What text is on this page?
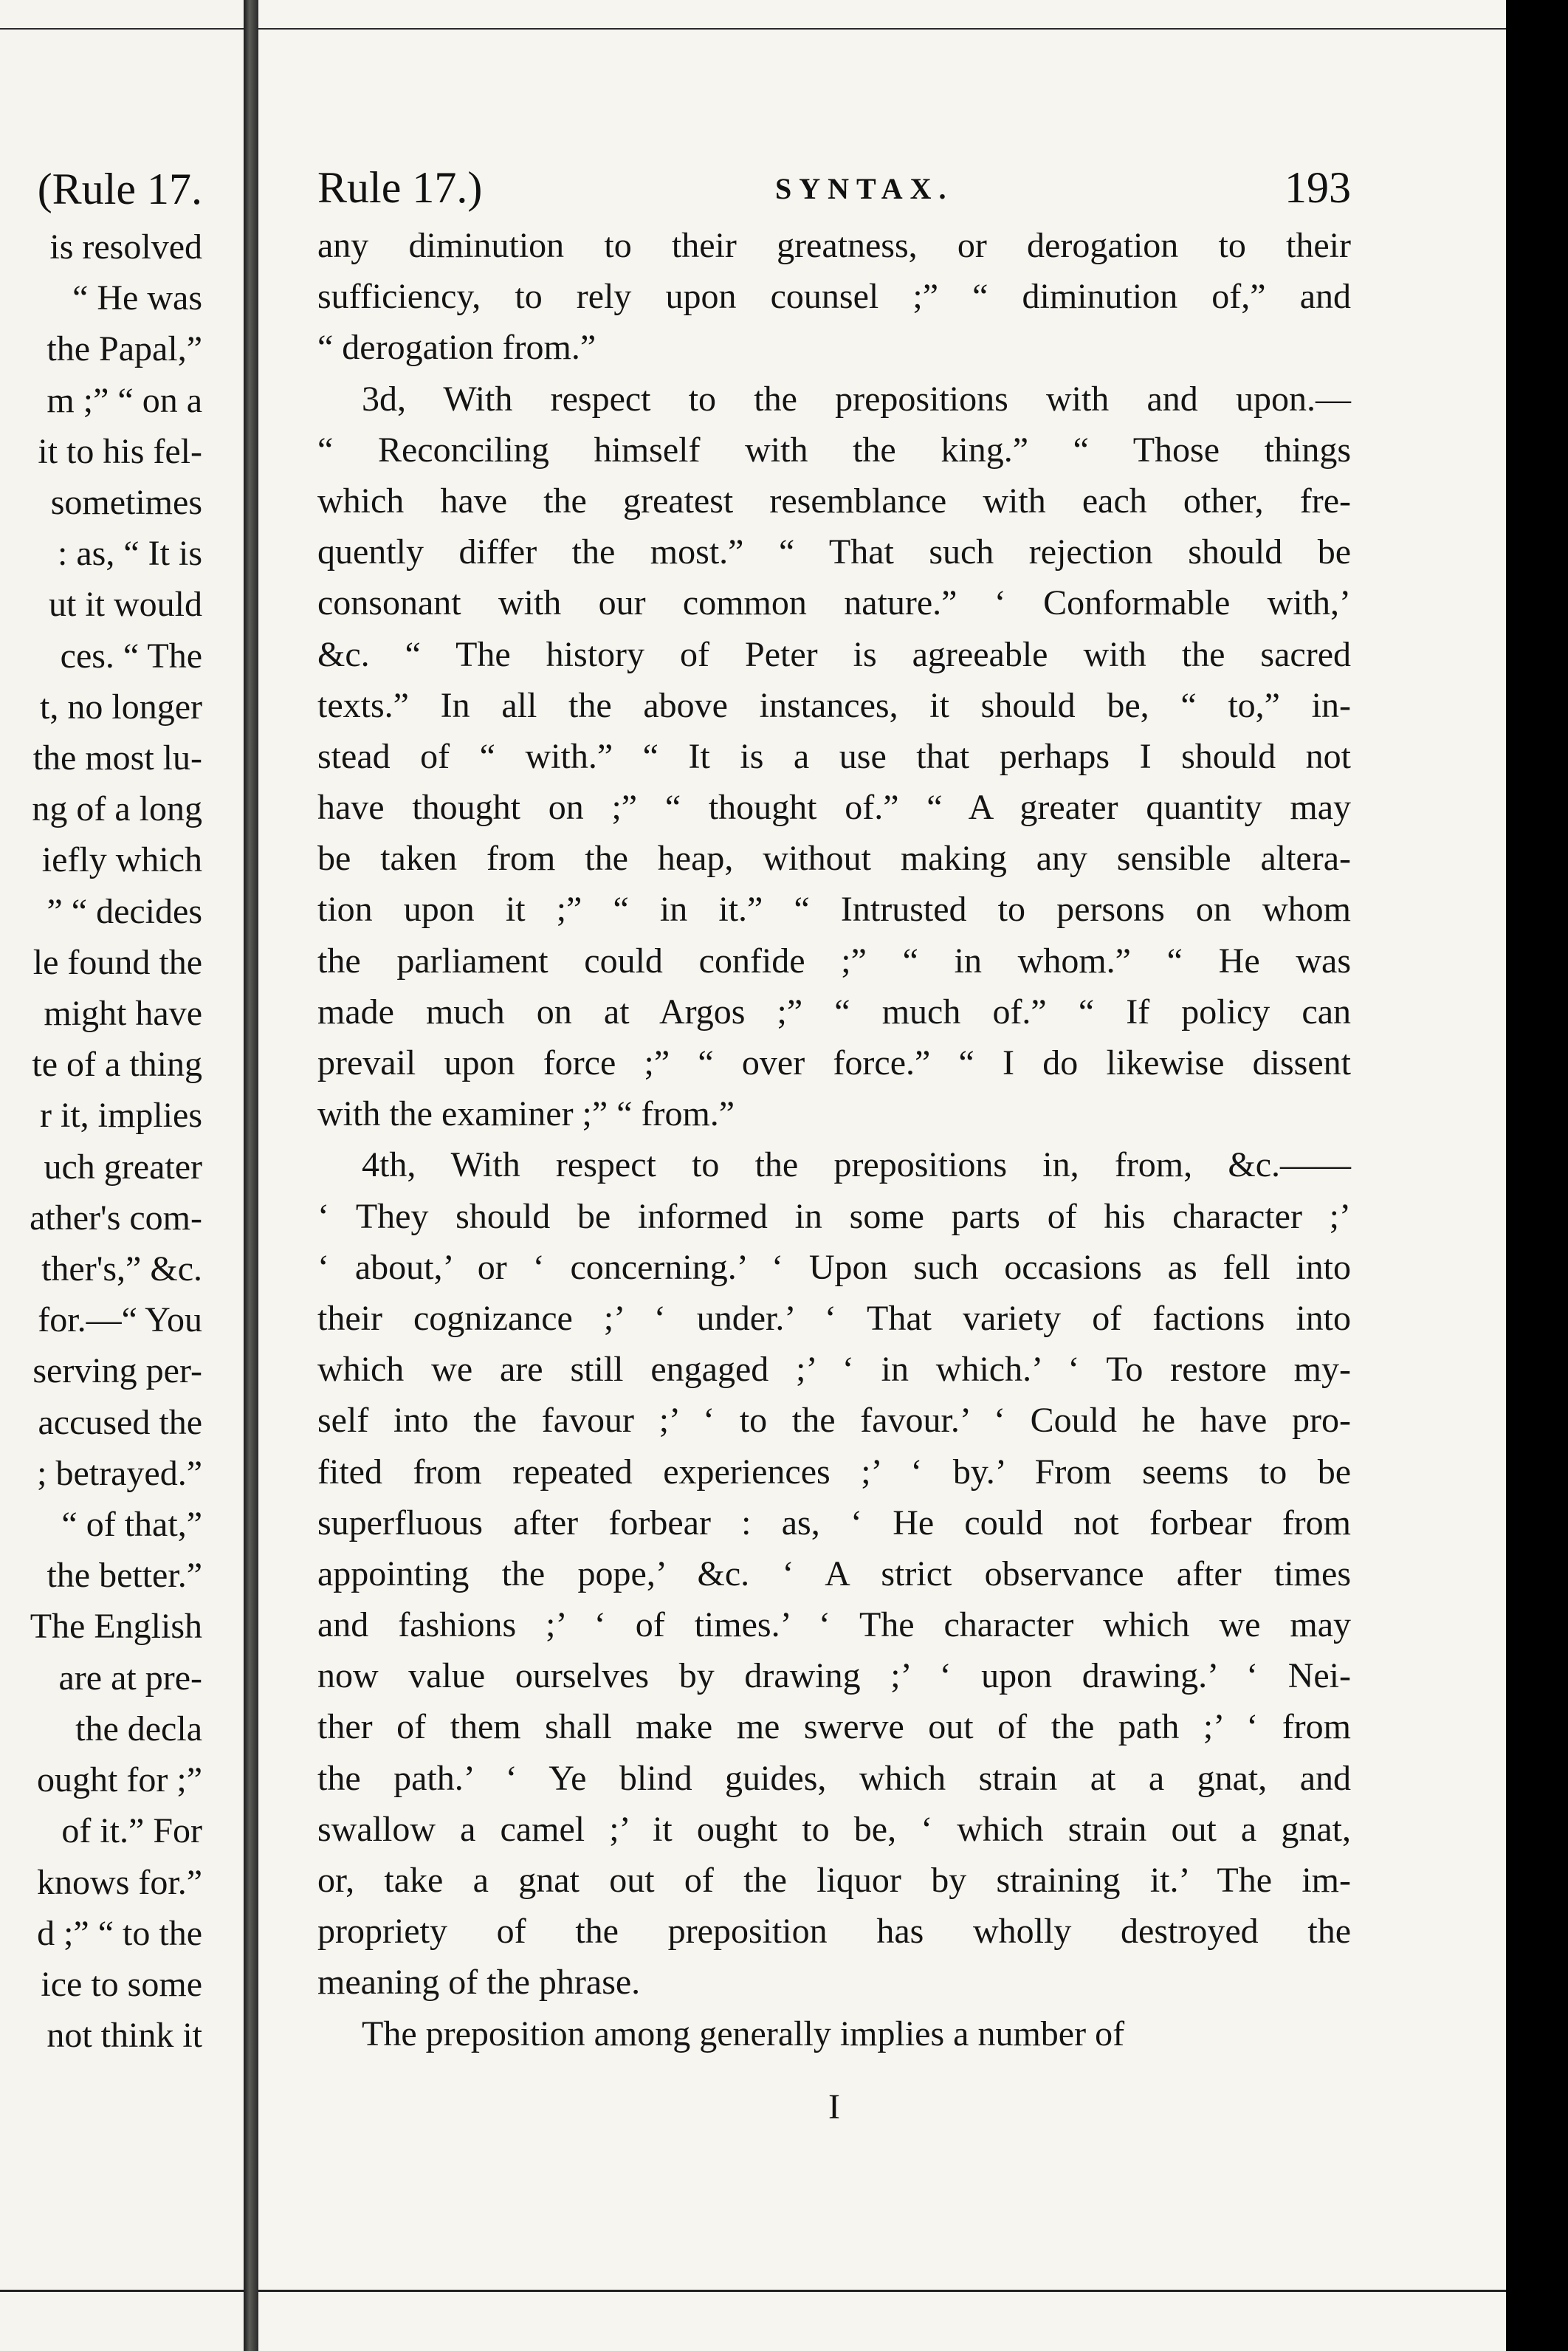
(Rule 17.
is resolved
“ He was
the Papal,”
m ;” “ on a
it to his fel-
sometimes
: as, “ It is
ut it would
ces. “ The
t, no longer
the most lu-
ng of a long
iefly which
” “ decides
le found the
might have
te of a thing
r it, implies
uch greater
ather's com-
ther's,” &c.
for.—“ You
serving per-
accused the
; betrayed.”
“ of that,”
the better.”
The English
are at pre-
the decla
ought for ;”
of it.” For
knows for.”
d ;” “ to the
ice to some
not think it
Rule 17.)	SYNTAX.	193
any diminution to their greatness, or derogation to their
sufficiency, to rely upon counsel ;” “ diminution of,” and
“ derogation from.”
3d, With respect to the prepositions with and upon.—
“ Reconciling himself with the king.” “ Those things
which have the greatest resemblance with each other, fre-
quently differ the most.” “ That such rejection should be
consonant with our common nature.” ‘ Conformable with,’
&c. “ The history of Peter is agreeable with the sacred
texts.” In all the above instances, it should be, “ to,” in-
stead of “ with.” “ It is a use that perhaps I should not
have thought on ;” “ thought of.” “ A greater quantity may
be taken from the heap, without making any sensible altera-
tion upon it ;” “ in it.” “ Intrusted to persons on whom
the parliament could confide ;” “ in whom.” “ He was
made much on at Argos ;” “ much of.” “ If policy can
prevail upon force ;” “ over force.” “ I do likewise dissent
with the examiner ;” “ from.”
4th, With respect to the prepositions in, from, &c.——
‘ They should be informed in some parts of his character ;’
‘ about,’ or ‘ concerning.’ ‘ Upon such occasions as fell into
their cognizance ;’ ‘ under.’ ‘ That variety of factions into
which we are still engaged ;’ ‘ in which.’ ‘ To restore my-
self into the favour ;’ ‘ to the favour.’ ‘ Could he have pro-
fited from repeated experiences ;’ ‘ by.’ From seems to be
superfluous after forbear : as, ‘ He could not forbear from
appointing the pope,’ &c. ‘ A strict observance after times
and fashions ;’ ‘ of times.’ ‘ The character which we may
now value ourselves by drawing ;’ ‘ upon drawing.’ ‘ Nei-
ther of them shall make me swerve out of the path ;’ ‘ from
the path.’ ‘ Ye blind guides, which strain at a gnat, and
swallow a camel ;’ it ought to be, ‘ which strain out a gnat,
or, take a gnat out of the liquor by straining it.’ The im-
propriety of the preposition has wholly destroyed the
meaning of the phrase.
The preposition among generally implies a number of
I
